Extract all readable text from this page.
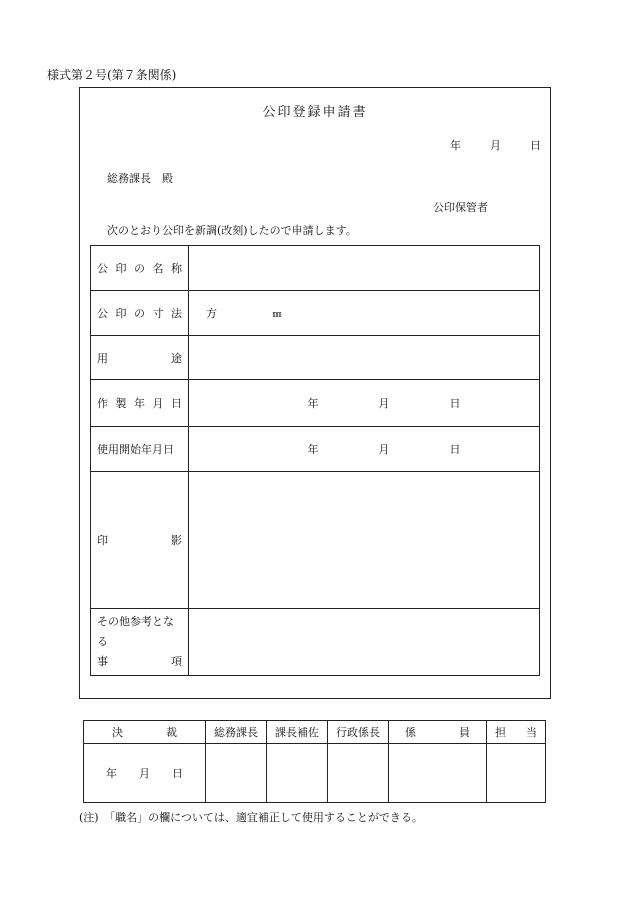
様式第２号(第７条関係)
公印登録申請書
年	月	日
総務課長　殿
公印保管者
次のとおり公印を新調(改刻)したので申請します。
公 印 の 名 称	

公 印 の 寸 法	方 ㎜

用 途	

作 製 年 月 日	年 月 日

使用開始年月日	年 月 日

印 影	

その他参考となる
事 項	

決 裁	総務課長	課長補佐	行政係長	係 員	担 当

年 月 日					

(注)　「職名」の欄については、適宜補正して使用することができる。
